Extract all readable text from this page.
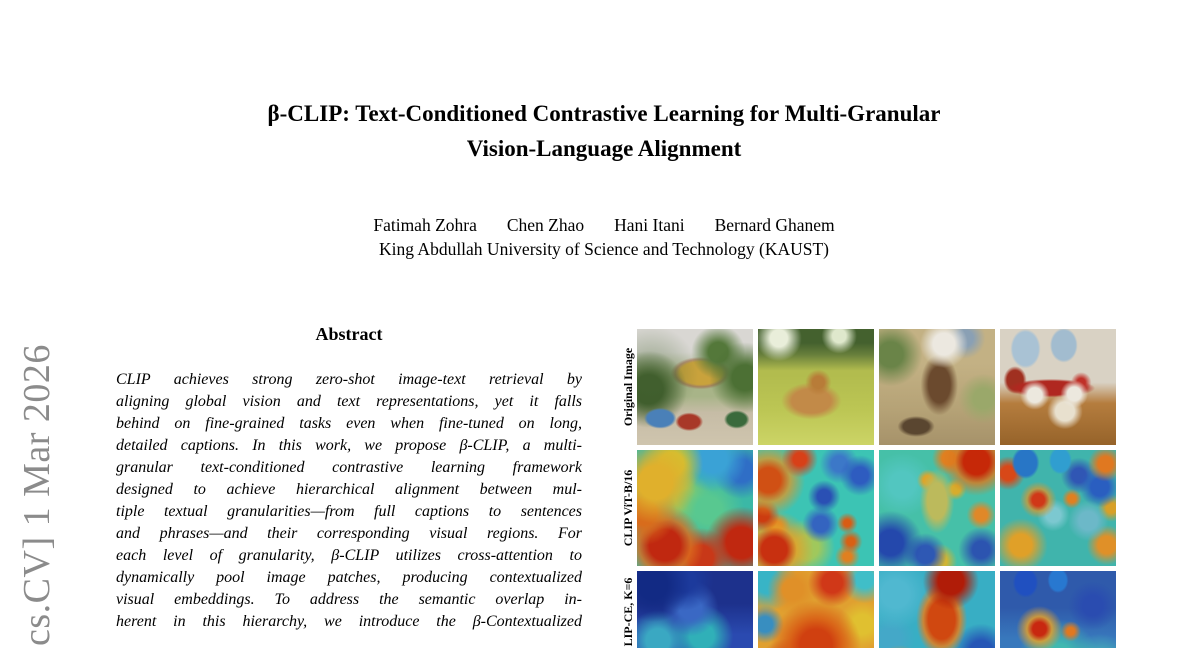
cs.CV] 1 Mar 2026
β-CLIP: Text-Conditioned Contrastive Learning for Multi-Granular
Vision-Language Alignment
Fatimah Zohra Chen Zhao Hani Itani Bernard Ghanem
King Abdullah University of Science and Technology (KAUST)
Abstract
CLIP achieves strong zero-shot image-text retrieval by
aligning global vision and text representations, yet it falls
behind on fine-grained tasks even when fine-tuned on long,
detailed captions. In this work, we propose β-CLIP, a multi-
granular text-conditioned contrastive learning framework
designed to achieve hierarchical alignment between mul-
tiple textual granularities—from full captions to sentences
and phrases—and their corresponding visual regions. For
each level of granularity, β-CLIP utilizes cross-attention to
dynamically pool image patches, producing contextualized
visual embeddings. To address the semantic overlap in-
herent in this hierarchy, we introduce the β-Contextualized
Original Image
CLIP ViT-B/16
LIP-CE, K=6
